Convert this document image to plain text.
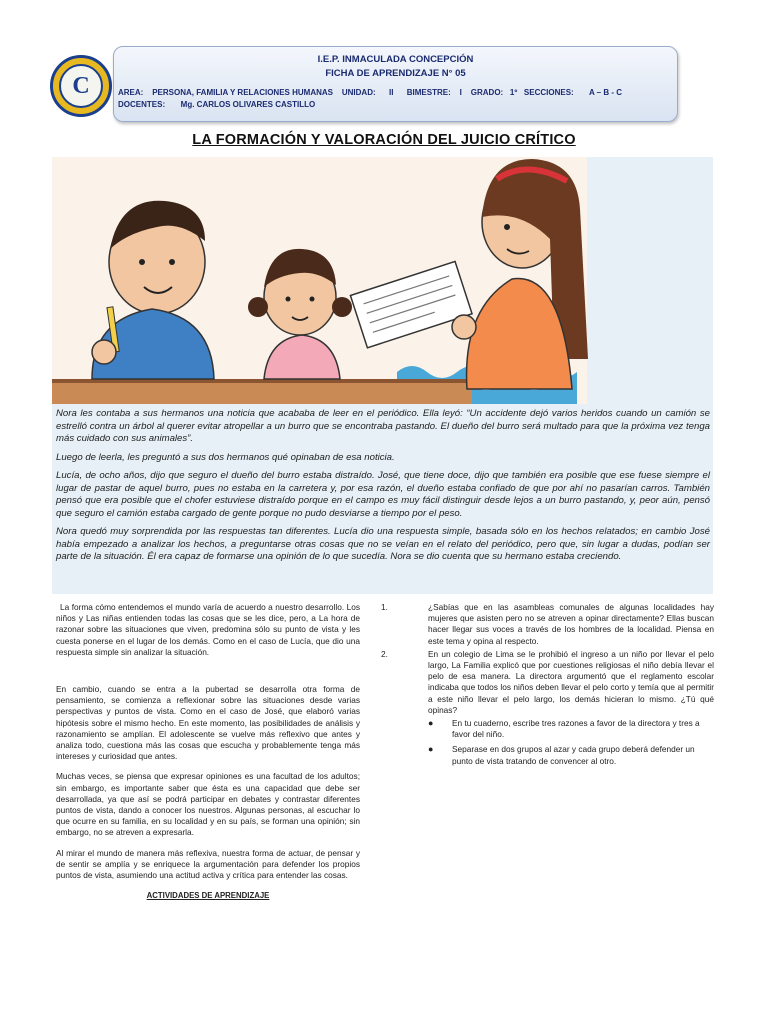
C
I.E.P. INMACULADA CONCEPCIÓN
FICHA DE APRENDIZAJE N° 05
AREA:    PERSONA, FAMILIA Y RELACIONES HUMANAS    UNIDAD:      II      BIMESTRE:    I    GRADO:   1º   SECCIONES:       A – B - C
DOCENTES:       Mg. CARLOS OLIVARES CASTILLO
LA FORMACIÓN Y VALORACIÓN DEL JUICIO CRÍTICO

Nora les contaba a sus hermanos una noticia que acababa de leer en el periódico. Ella leyó: “Un accidente dejó varios heridos cuando un camión se estrelló contra un árbol al querer evitar atropellar a un burro que se encontraba pastando. El dueño del burro será multado para que la próxima vez tenga más cuidado con sus animales”.

Luego de leerla, les preguntó a sus dos hermanos qué opinaban de esa noticia.

Lucía, de ocho años, dijo que seguro el dueño del burro estaba distraído. José, que tiene doce, dijo que también era posible que ese fuese siempre el lugar de pastar de aquel burro, pues no estaba en la carretera y, por esa razón, el dueño estaba confiado de que por ahí no pasarían carros. También pensó que era posible que el chofer estuviese distraído porque en el campo es muy fácil distinguir desde lejos a un burro pastando, y, peor aún, pensó que seguro el camión estaba cargado de gente porque no pudo desviarse a tiempo por el peso.

Nora quedó muy sorprendida por las respuestas tan diferentes. Lucía dio una respuesta simple, basada sólo en los hechos relatados; en cambio José había empezado a analizar los hechos, a preguntarse otras cosas que no se veían en el relato del periódico, pero que, sin lugar a dudas, podían ser parte de la situación. Él era capaz de formarse una opinión de lo que sucedía. Nora se dio cuenta que su hermano estaba creciendo.

La forma cómo entendemos el mundo varía de acuerdo a nuestro desarrollo. Los niños y Las niñas entienden todas las cosas que se les dice, pero, a La hora de razonar sobre las situaciones que viven, predomina sólo su punto de vista y les cuesta ponerse en el lugar de los demás. Como en el caso de Lucía, que dio una respuesta simple sin analizar la situación.

En cambio, cuando se entra a la pubertad se desarrolla otra forma de pensamiento, se comienza a reflexionar sobre las situaciones desde varias perspectivas y puntos de vista. Como en el caso de José, que elaboró varias hipótesis sobre el mismo hecho. En este momento, las posibilidades de análisis y razonamiento se amplían. El adolescente se vuelve más reflexivo que antes y analiza todo, cuestiona más las cosas que escucha y probablemente tenga más intereses y curiosidad que antes.

Muchas veces, se piensa que expresar opiniones es una facultad de los adultos; sin embargo, es importante saber que ésta es una capacidad que debe ser desarrollada, ya que así se podrá participar en debates y contrastar diferentes puntos de vista, dando a conocer los nuestros. Algunas personas, al escuchar lo que ocurre en su familia, en su localidad y en su país, se forman una opinión; sin embargo, no se atreven a expresarla.

Al mirar el mundo de manera más reflexiva, nuestra forma de actuar, de pensar y de sentir se amplía y se enriquece la argumentación para defender los propios puntos de vista, asumiendo una actitud activa y crítica para entender las cosas.

ACTIVIDADES DE APRENDIZAJE
1.	¿Sabías que en las asambleas comunales de algunas localidades hay mujeres que asisten pero no se atreven a opinar directamente? Ellas buscan hacer llegar sus voces a través de los hombres de la localidad. Piensa en este tema y opina al respecto.
2.	En un colegio de Lima se le prohibió el ingreso a un niño por llevar el pelo largo, La Familia explicó que por cuestiones religiosas el niño debía llevar el pelo de esa manera. La directora argumentó que el reglamento escolar indicaba que todos los niños deben llevar el pelo corto y temía que al permitir a este niño llevar el pelo largo, los demás hicieran lo mismo. ¿Tú qué opinas?
● En tu cuaderno, escribe tres razones a favor de la directora y tres a favor del niño.
● Separase en dos grupos al azar y cada grupo deberá defender un punto de vista tratando de convencer al otro.
